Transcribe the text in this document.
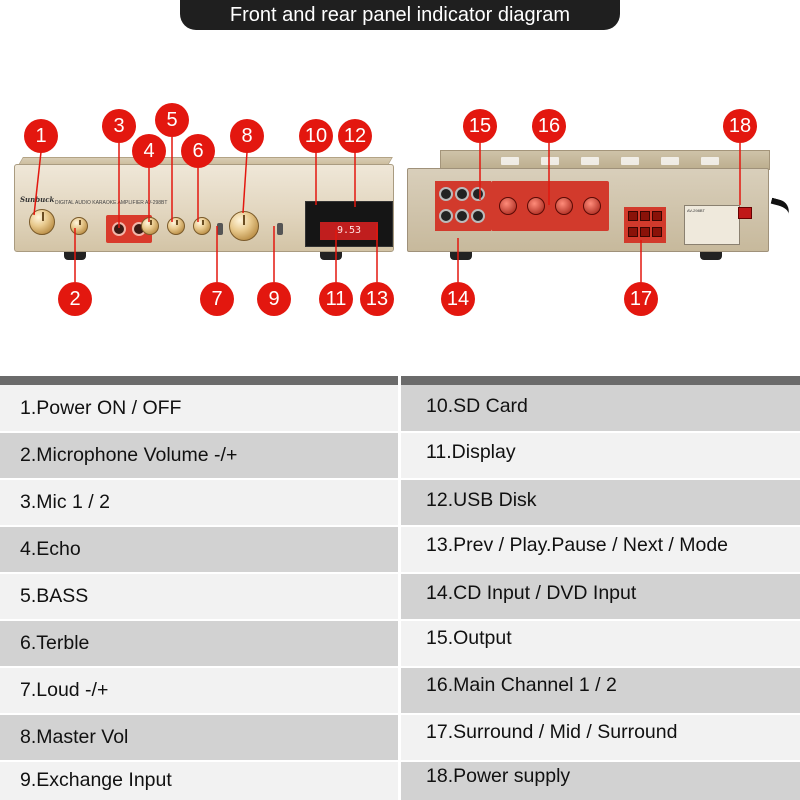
Front and rear panel indicator diagram
Sunbuck DIGITAL AUDIO KARAOKE AMPLIFIER AV-298BT
9.53
AV-298BT
1
2
3
4
5
6
7
8
9
10
11
12
13	14
15 16
17
18
1.Power ON / OFF
2.Microphone Volume -/+
3.Mic 1 / 2
4.Echo
5.BASS
6.Terble
7.Loud -/+
8.Master Vol
9.Exchange Input
10.SD Card
11.Display
12.USB Disk
13.Prev / Play.Pause / Next / Mode
14.CD Input / DVD Input
15.Output
16.Main Channel 1 / 2
17.Surround / Mid / Surround
18.Power supply
